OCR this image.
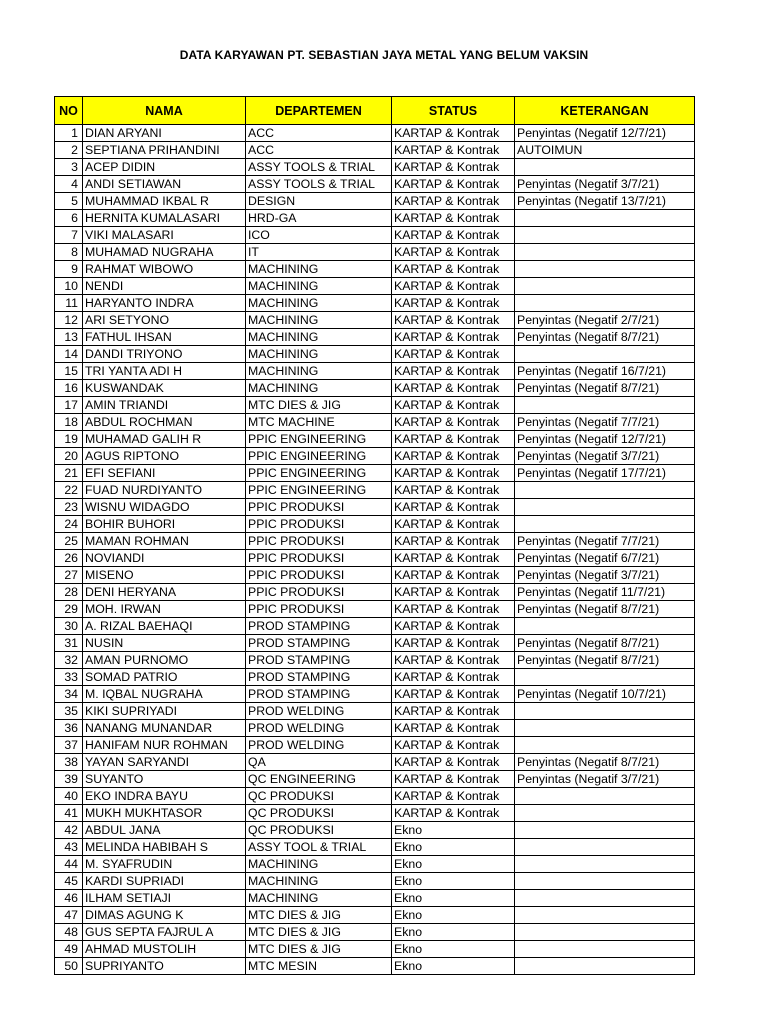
DATA KARYAWAN PT. SEBASTIAN JAYA METAL YANG BELUM VAKSIN
NO	NAMA	DEPARTEMEN	STATUS	KETERANGAN
1	DIAN ARYANI	ACC	KARTAP & Kontrak	Penyintas (Negatif 12/7/21)
2	SEPTIANA PRIHANDINI	ACC	KARTAP & Kontrak	AUTOIMUN
3	ACEP DIDIN	ASSY TOOLS & TRIAL	KARTAP & Kontrak	
4	ANDI SETIAWAN	ASSY TOOLS & TRIAL	KARTAP & Kontrak	Penyintas (Negatif 3/7/21)
5	MUHAMMAD IKBAL R	DESIGN	KARTAP & Kontrak	Penyintas (Negatif 13/7/21)
6	HERNITA KUMALASARI	HRD-GA	KARTAP & Kontrak	
7	VIKI MALASARI	ICO	KARTAP & Kontrak	
8	MUHAMAD NUGRAHA	IT	KARTAP & Kontrak	
9	RAHMAT WIBOWO	MACHINING	KARTAP & Kontrak	
10	NENDI	MACHINING	KARTAP & Kontrak	
11	HARYANTO INDRA	MACHINING	KARTAP & Kontrak	
12	ARI SETYONO	MACHINING	KARTAP & Kontrak	Penyintas (Negatif 2/7/21)
13	FATHUL IHSAN	MACHINING	KARTAP & Kontrak	Penyintas (Negatif 8/7/21)
14	DANDI TRIYONO	MACHINING	KARTAP & Kontrak	
15	TRI YANTA ADI H	MACHINING	KARTAP & Kontrak	Penyintas (Negatif 16/7/21)
16	KUSWANDAK	MACHINING	KARTAP & Kontrak	Penyintas (Negatif 8/7/21)
17	AMIN TRIANDI	MTC DIES & JIG	KARTAP & Kontrak	
18	ABDUL ROCHMAN	MTC MACHINE	KARTAP & Kontrak	Penyintas (Negatif 7/7/21)
19	MUHAMAD GALIH R	PPIC ENGINEERING	KARTAP & Kontrak	Penyintas (Negatif 12/7/21)
20	AGUS RIPTONO	PPIC ENGINEERING	KARTAP & Kontrak	Penyintas (Negatif 3/7/21)
21	EFI SEFIANI	PPIC ENGINEERING	KARTAP & Kontrak	Penyintas (Negatif 17/7/21)
22	FUAD NURDIYANTO	PPIC ENGINEERING	KARTAP & Kontrak	
23	WISNU WIDAGDO	PPIC PRODUKSI	KARTAP & Kontrak	
24	BOHIR BUHORI	PPIC PRODUKSI	KARTAP & Kontrak	
25	MAMAN ROHMAN	PPIC PRODUKSI	KARTAP & Kontrak	Penyintas (Negatif 7/7/21)
26	NOVIANDI	PPIC PRODUKSI	KARTAP & Kontrak	Penyintas (Negatif 6/7/21)
27	MISENO	PPIC PRODUKSI	KARTAP & Kontrak	Penyintas (Negatif 3/7/21)
28	DENI HERYANA	PPIC PRODUKSI	KARTAP & Kontrak	Penyintas (Negatif 11/7/21)
29	MOH. IRWAN	PPIC PRODUKSI	KARTAP & Kontrak	Penyintas (Negatif 8/7/21)
30	A. RIZAL BAEHAQI	PROD STAMPING	KARTAP & Kontrak	
31	NUSIN	PROD STAMPING	KARTAP & Kontrak	Penyintas (Negatif 8/7/21)
32	AMAN PURNOMO	PROD STAMPING	KARTAP & Kontrak	Penyintas (Negatif 8/7/21)
33	SOMAD PATRIO	PROD STAMPING	KARTAP & Kontrak	
34	M. IQBAL NUGRAHA	PROD STAMPING	KARTAP & Kontrak	Penyintas (Negatif 10/7/21)
35	KIKI SUPRIYADI	PROD WELDING	KARTAP & Kontrak	
36	NANANG MUNANDAR	PROD WELDING	KARTAP & Kontrak	
37	HANIFAM NUR ROHMAN	PROD WELDING	KARTAP & Kontrak	
38	YAYAN SARYANDI	QA	KARTAP & Kontrak	Penyintas (Negatif 8/7/21)
39	SUYANTO	QC ENGINEERING	KARTAP & Kontrak	Penyintas (Negatif 3/7/21)
40	EKO INDRA BAYU	QC PRODUKSI	KARTAP & Kontrak	
41	MUKH MUKHTASOR	QC PRODUKSI	KARTAP & Kontrak	
42	ABDUL JANA	QC PRODUKSI	Ekno	
43	MELINDA HABIBAH S	ASSY TOOL & TRIAL	Ekno	
44	M. SYAFRUDIN	MACHINING	Ekno	
45	KARDI SUPRIADI	MACHINING	Ekno	
46	ILHAM SETIAJI	MACHINING	Ekno	
47	DIMAS AGUNG K	MTC DIES & JIG	Ekno	
48	GUS SEPTA FAJRUL A	MTC DIES & JIG	Ekno	
49	AHMAD MUSTOLIH	MTC DIES & JIG	Ekno	
50	SUPRIYANTO	MTC MESIN	Ekno	
